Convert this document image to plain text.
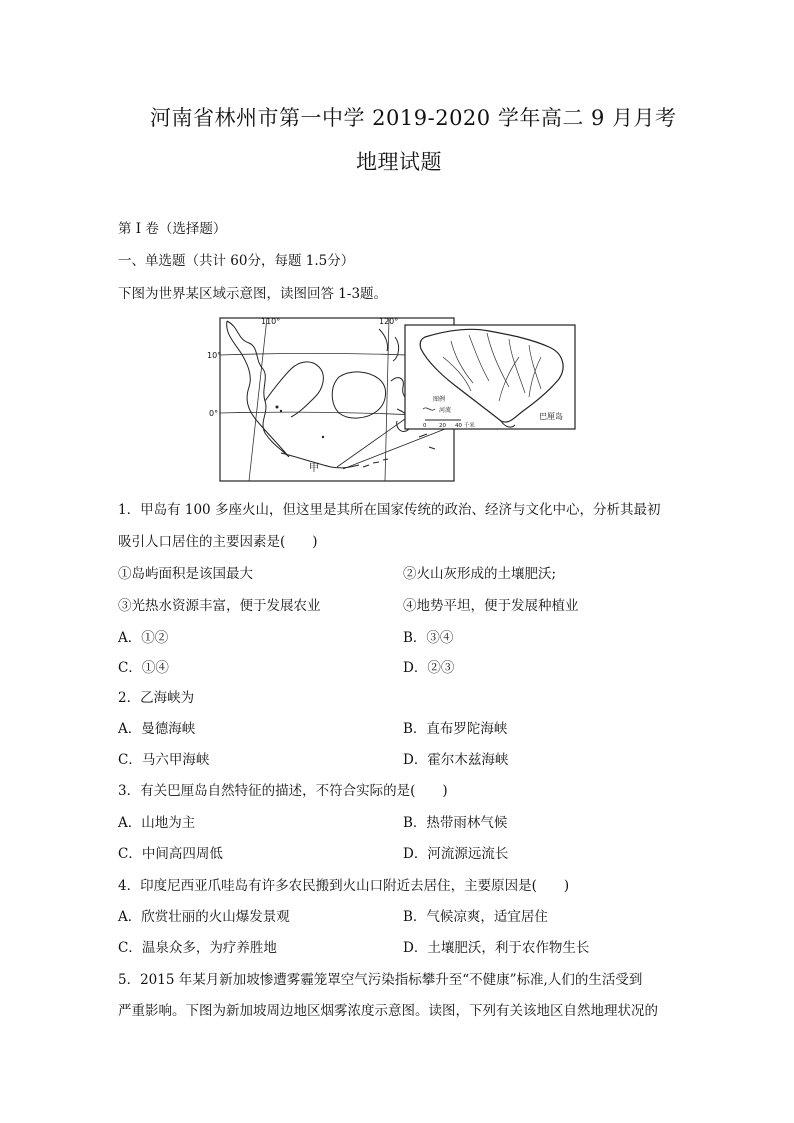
河南省林州市第一中学 2019-2020 学年高二 9 月月考
地理试题
第 I 卷（选择题）
一、单选题（共计 60分，每题 1.5分）
下图为世界某区域示意图，读图回答 1-3题。
110°	120°
10°
0°
甲
图例
河流
0 20 40 千米
巴厘岛
1．甲岛有 100 多座火山，但这里是其所在国家传统的政治、经济与文化中心，分析其最初
吸引人口居住的主要因素是(　　)
①岛屿面积是该国最大	②火山灰形成的土壤肥沃;
③光热水资源丰富，便于发展农业	④地势平坦，便于发展种植业
A．①②	B．③④
C．①④	D．②③
2．乙海峡为
A．曼德海峡	B．直布罗陀海峡
C．马六甲海峡	D．霍尔木兹海峡
3．有关巴厘岛自然特征的描述，不符合实际的是(　　)
A．山地为主	B．热带雨林气候
C．中间高四周低	D．河流源远流长
4．印度尼西亚爪哇岛有许多农民搬到火山口附近去居住，主要原因是(　　)
A．欣赏壮丽的火山爆发景观	B．气候凉爽，适宜居住
C．温泉众多，为疗养胜地	D．土壤肥沃，利于农作物生长
5．2015 年某月新加坡惨遭雾霾笼罩空气污染指标攀升至“不健康”标准,人们的生活受到
严重影响。下图为新加坡周边地区烟雾浓度示意图。读图，下列有关该地区自然地理状况的
